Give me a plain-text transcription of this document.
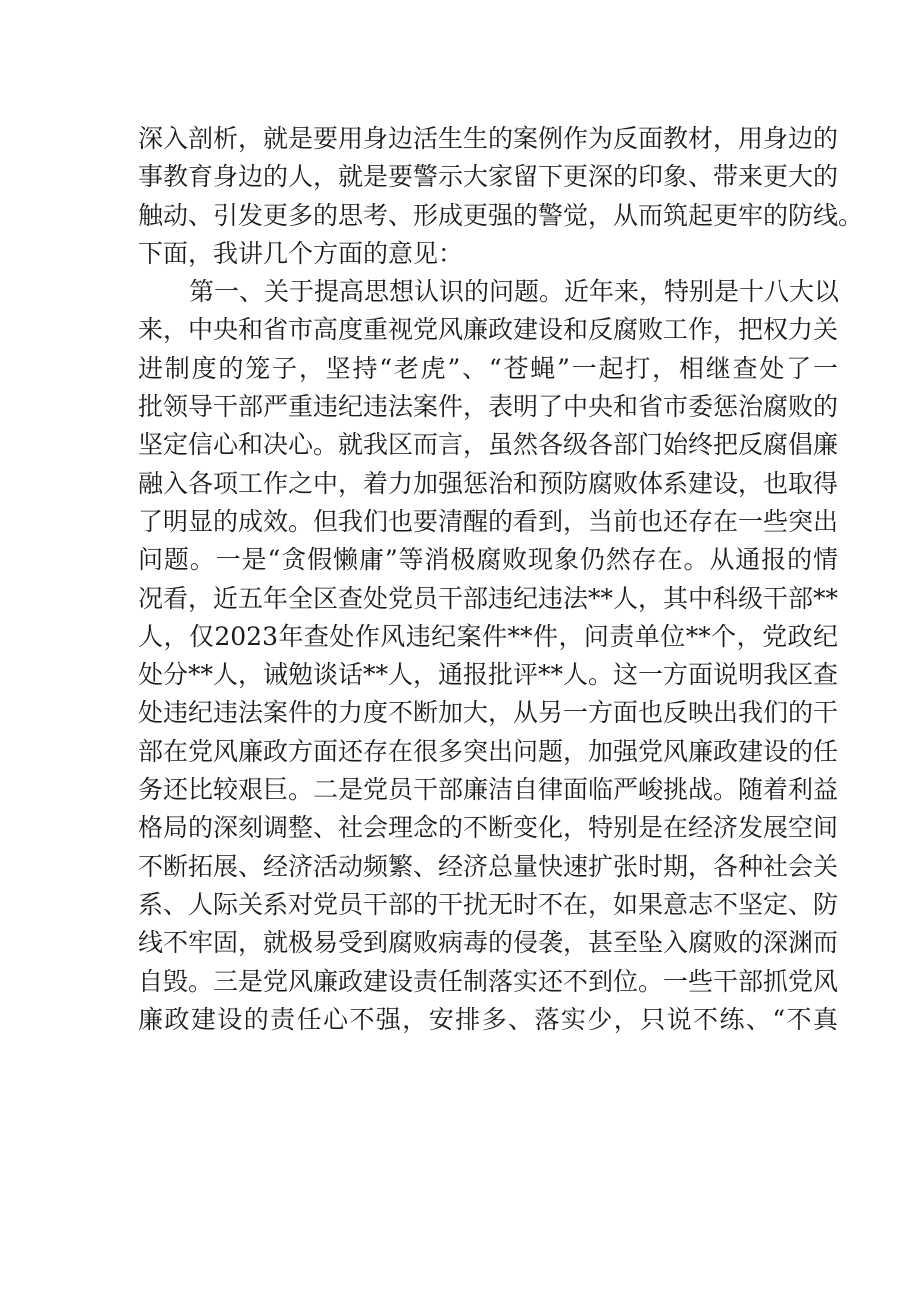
深入剖析，就是要用身边活生生的案例作为反面教材，用身边的
事教育身边的人，就是要警示大家留下更深的印象、带来更大的
触动、引发更多的思考、形成更强的警觉，从而筑起更牢的防线。
下面，我讲几个方面的意见：
第一、关于提高思想认识的问题。近年来，特别是十八大以
来，中央和省市高度重视党风廉政建设和反腐败工作，把权力关
进制度的笼子，坚持“老虎”、“苍蝇”一起打，相继查处了一
批领导干部严重违纪违法案件，表明了中央和省市委惩治腐败的
坚定信心和决心。就我区而言，虽然各级各部门始终把反腐倡廉
融入各项工作之中，着力加强惩治和预防腐败体系建设，也取得
了明显的成效。但我们也要清醒的看到，当前也还存在一些突出
问题。一是“贪假懒庸”等消极腐败现象仍然存在。从通报的情
况看，近五年全区查处党员干部违纪违法**人，其中科级干部**
人，仅2023年查处作风违纪案件**件，问责单位**个，党政纪
处分**人，诫勉谈话**人，通报批评**人。这一方面说明我区查
处违纪违法案件的力度不断加大，从另一方面也反映出我们的干
部在党风廉政方面还存在很多突出问题，加强党风廉政建设的任
务还比较艰巨。二是党员干部廉洁自律面临严峻挑战。随着利益
格局的深刻调整、社会理念的不断变化，特别是在经济发展空间
不断拓展、经济活动频繁、经济总量快速扩张时期，各种社会关
系、人际关系对党员干部的干扰无时不在，如果意志不坚定、防
线不牢固，就极易受到腐败病毒的侵袭，甚至坠入腐败的深渊而
自毁。三是党风廉政建设责任制落实还不到位。一些干部抓党风
廉政建设的责任心不强，安排多、落实少，只说不练、“不真
